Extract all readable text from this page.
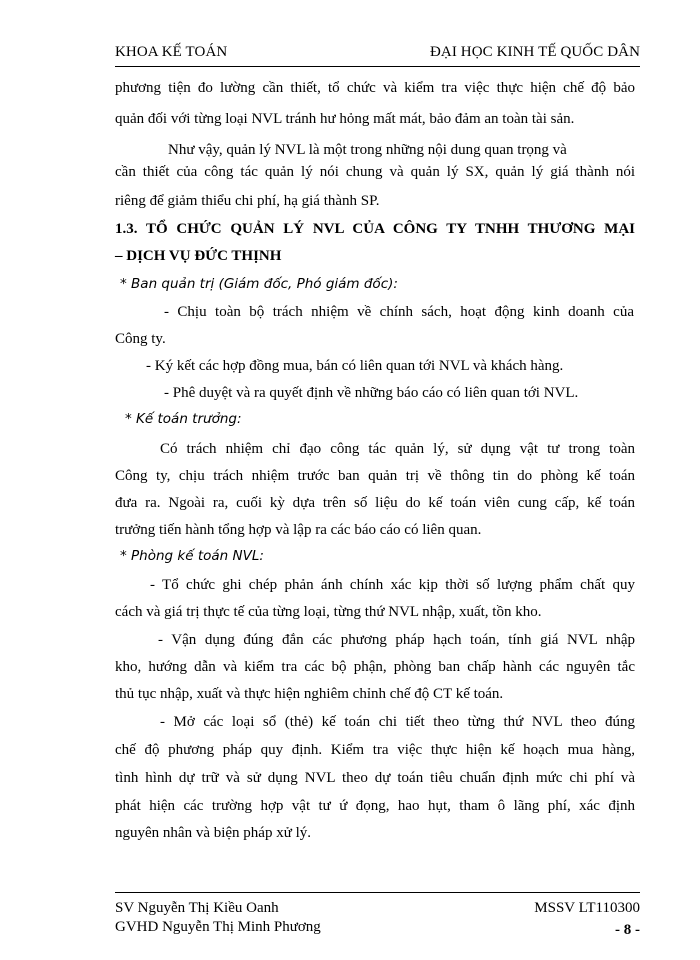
KHOA KẾ TOÁN	ĐẠI HỌC KINH TẾ QUỐC DÂN
phương tiện đo lường cần thiết, tổ chức và kiểm tra việc thực hiện chế độ bảo
quản đối với từng loại NVL tránh hư hỏng mất mát, bảo đảm an toàn tài sản.
Như vậy, quản lý NVL là một trong những nội dung quan trọng và
cần thiết của công tác quản lý nói chung và quản lý SX, quản lý giá thành nói
riêng để giảm thiểu chi phí, hạ giá thành SP.
1.3. TỔ CHỨC QUẢN LÝ NVL CỦA CÔNG TY TNHH THƯƠNG MẠI
– DỊCH VỤ ĐỨC THỊNH
* Ban quản trị (Giám đốc, Phó giám đốc):
- Chịu toàn bộ trách nhiệm về chính sách, hoạt động kinh doanh của
Công ty.
- Ký kết các hợp đồng mua, bán có liên quan tới NVL và khách hàng.
- Phê duyệt và ra quyết định về những báo cáo có liên quan tới NVL.
* Kế toán trưởng:
Có trách nhiệm chỉ đạo công tác quản lý, sử dụng vật tư trong toàn
Công ty, chịu trách nhiệm trước ban quản trị về thông tin do phòng kế toán
đưa ra. Ngoài ra, cuối kỳ dựa trên số liệu do kế toán viên cung cấp, kế toán
trưởng tiến hành tổng hợp và lập ra các báo cáo có liên quan.
* Phòng kế toán NVL:
- Tổ chức ghi chép phản ánh chính xác kịp thời số lượng phẩm chất quy
cách và giá trị thực tế của từng loại, từng thứ NVL nhập, xuất, tồn kho.
- Vận dụng đúng đắn các phương pháp hạch toán, tính giá NVL nhập
kho, hướng dẫn và kiểm tra các bộ phận, phòng ban chấp hành các nguyên tắc
thủ tục nhập, xuất và thực hiện nghiêm chỉnh chế độ CT kế toán.
- Mở các loại sổ (thẻ) kế toán chi tiết theo từng thứ NVL theo đúng
chế độ phương pháp quy định. Kiểm tra việc thực hiện kế hoạch mua hàng,
tình hình dự trữ và sử dụng NVL theo dự toán tiêu chuẩn định mức chi phí và
phát hiện các trường hợp vật tư ứ đọng, hao hụt, tham ô lãng phí, xác định
nguyên nhân và biện pháp xử lý.
SV Nguyễn Thị Kiều Oanh
GVHD Nguyễn Thị Minh Phương
MSSV LT110300
- 8 -
